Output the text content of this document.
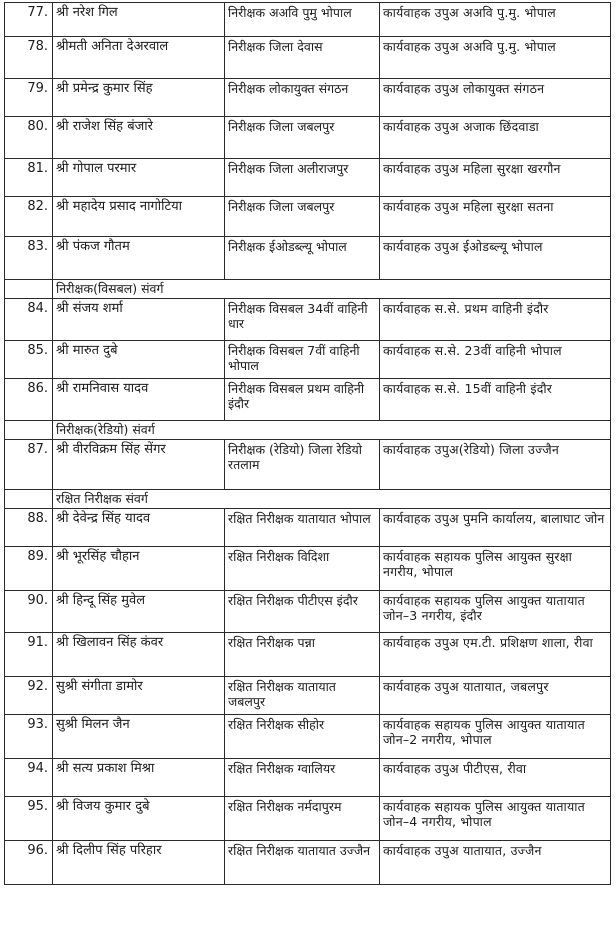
77.	श्री नरेश गिल	निरीक्षक अअवि पुमु भोपाल	कार्यवाहक उपुअ अअवि पु.मु. भोपाल
78.	श्रीमती अनिता देअरवाल	निरीक्षक जिला देवास	कार्यवाहक उपुअ अअवि पु.मु. भोपाल
79.	श्री प्रमेन्द्र कुमार सिंह	निरीक्षक लोकायुक्त संगठन	कार्यवाहक उपुअ लोकायुक्त संगठन
80.	श्री राजेश सिंह बंजारे	निरीक्षक जिला जबलपुर	कार्यवाहक उपुअ अजाक छिंदवाडा
81.	श्री गोपाल परमार	निरीक्षक जिला अलीराजपुर	कार्यवाहक उपुअ महिला सुरक्षा खरगौन
82.	श्री महादेय प्रसाद नागोटिया	निरीक्षक जिला जबलपुर	कार्यवाहक उपुअ महिला सुरक्षा सतना
83.	श्री पंकज गौतम	निरीक्षक ईओडब्ल्यू भोपाल	कार्यवाहक उपुअ ईओडब्ल्यू भोपाल
	निरीक्षक(विसबल) संवर्ग		
84.	श्री संजय शर्मा	निरीक्षक विसबल 34वीं वाहिनी धार	कार्यवाहक स.से. प्रथम वाहिनी इंदौर
85.	श्री मारुत दुबे	निरीक्षक विसबल 7वीं वाहिनी भोपाल	कार्यवाहक स.से. 23वीं वाहिनी भोपाल
86.	श्री रामनिवास यादव	निरीक्षक विसबल प्रथम वाहिनी इंदौर	कार्यवाहक स.से. 15वीं वाहिनी इंदौर
	निरीक्षक(रेडियो) संवर्ग		
87.	श्री वीरविक्रम सिंह सेंगर	निरीक्षक (रेडियो) जिला रेडियो रतलाम	कार्यवाहक उपुअ(रेडियो) जिला उज्जैन
	रक्षित निरीक्षक संवर्ग		
88.	श्री देवेन्द्र सिंह यादव	रक्षित निरीक्षक यातायात भोपाल	कार्यवाहक उपुअ पुमनि कार्यालय, बालाघाट जोन
89.	श्री भूरसिंह चौहान	रक्षित निरीक्षक विदिशा	कार्यवाहक सहायक पुलिस आयुक्त सुरक्षा नगरीय, भोपाल
90.	श्री हिन्दू सिंह मुवेल	रक्षित निरीक्षक पीटीएस इंदौर	कार्यवाहक सहायक पुलिस आयुक्त यातायात जोन–3 नगरीय, इंदौर
91.	श्री खिलावन सिंह कंवर	रक्षित निरीक्षक पन्ना	कार्यवाहक उपुअ एम.टी. प्रशिक्षण शाला, रीवा
92.	सुश्री संगीता डामोर	रक्षित निरीक्षक यातायात जबलपुर	कार्यवाहक उपुअ यातायात, जबलपुर
93.	सुश्री मिलन जैन	रक्षित निरीक्षक सीहोर	कार्यवाहक सहायक पुलिस आयुक्त यातायात जोन–2 नगरीय, भोपाल
94.	श्री सत्य प्रकाश मिश्रा	रक्षित निरीक्षक ग्वालियर	कार्यवाहक उपुअ पीटीएस, रीवा
95.	श्री विजय कुमार दुबे	रक्षित निरीक्षक नर्मदापुरम	कार्यवाहक सहायक पुलिस आयुक्त यातायात जोन–4 नगरीय, भोपाल
96.	श्री दिलीप सिंह परिहार	रक्षित निरीक्षक यातायात उज्जैन	कार्यवाहक उपुअ यातायात, उज्जैन
